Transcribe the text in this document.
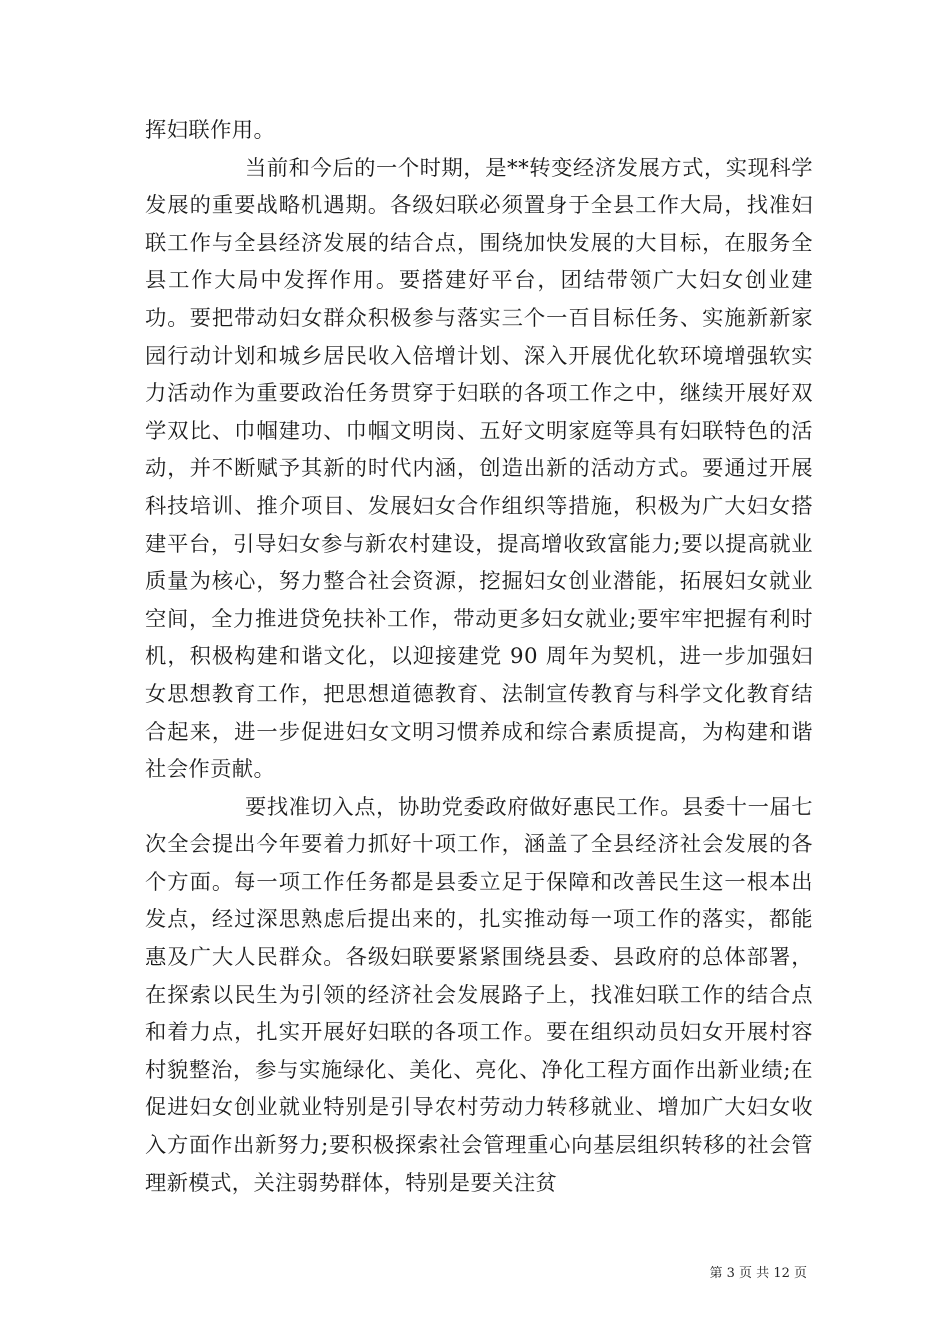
挥妇联作用。

当前和今后的一个时期，是**转变经济发展方式，实现科学发展的重要战略机遇期。各级妇联必须置身于全县工作大局，找准妇联工作与全县经济发展的结合点，围绕加快发展的大目标，在服务全县工作大局中发挥作用。要搭建好平台，团结带领广大妇女创业建功。要把带动妇女群众积极参与落实三个一百目标任务、实施新新家园行动计划和城乡居民收入倍增计划、深入开展优化软环境增强软实力活动作为重要政治任务贯穿于妇联的各项工作之中，继续开展好双学双比、巾帼建功、巾帼文明岗、五好文明家庭等具有妇联特色的活动，并不断赋予其新的时代内涵，创造出新的活动方式。要通过开展科技培训、推介项目、发展妇女合作组织等措施，积极为广大妇女搭建平台，引导妇女参与新农村建设，提高增收致富能力;要以提高就业质量为核心，努力整合社会资源，挖掘妇女创业潜能，拓展妇女就业空间，全力推进贷免扶补工作，带动更多妇女就业;要牢牢把握有利时机，积极构建和谐文化，以迎接建党 90 周年为契机，进一步加强妇女思想教育工作，把思想道德教育、法制宣传教育与科学文化教育结合起来，进一步促进妇女文明习惯养成和综合素质提高，为构建和谐社会作贡献。

要找准切入点，协助党委政府做好惠民工作。县委十一届七次全会提出今年要着力抓好十项工作，涵盖了全县经济社会发展的各个方面。每一项工作任务都是县委立足于保障和改善民生这一根本出发点，经过深思熟虑后提出来的，扎实推动每一项工作的落实，都能惠及广大人民群众。各级妇联要紧紧围绕县委、县政府的总体部署，在探索以民生为引领的经济社会发展路子上，找准妇联工作的结合点和着力点，扎实开展好妇联的各项工作。要在组织动员妇女开展村容村貌整治，参与实施绿化、美化、亮化、净化工程方面作出新业绩;在促进妇女创业就业特别是引导农村劳动力转移就业、增加广大妇女收入方面作出新努力;要积极探索社会管理重心向基层组织转移的社会管理新模式，关注弱势群体，特别是要关注贫

第 3 页 共 12 页
